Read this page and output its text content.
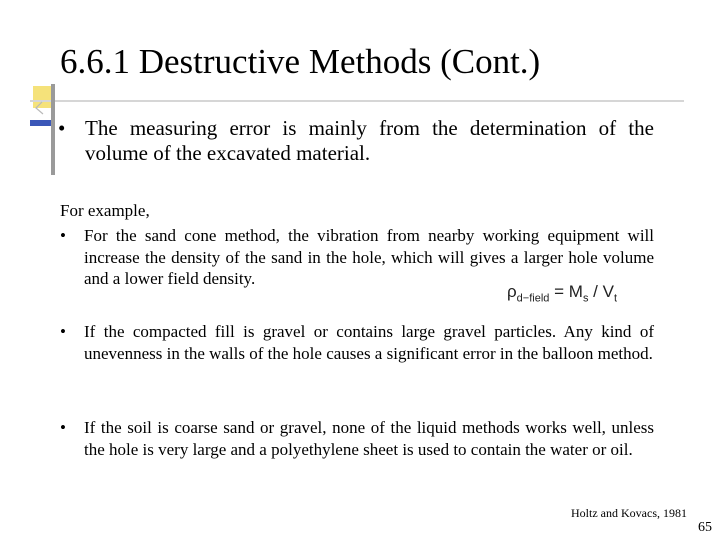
6.6.1 Destructive Methods (Cont.)
• The measuring error is mainly from the determination of the volume of the excavated material.
For example,
•	For the sand cone method, the vibration from nearby working equipment will increase the density of the sand in the hole, which will gives a larger hole volume and a lower field density.
$\rho_{d-field} = M_s / V_t$
•	If the compacted fill is gravel or contains large gravel particles. Any kind of unevenness in the walls of the hole causes a significant error in the balloon method.
•	If the soil is coarse sand or gravel, none of the liquid methods works well, unless the hole is very large and a polyethylene sheet is used to contain the water or oil.
Holtz and Kovacs, 1981
65
